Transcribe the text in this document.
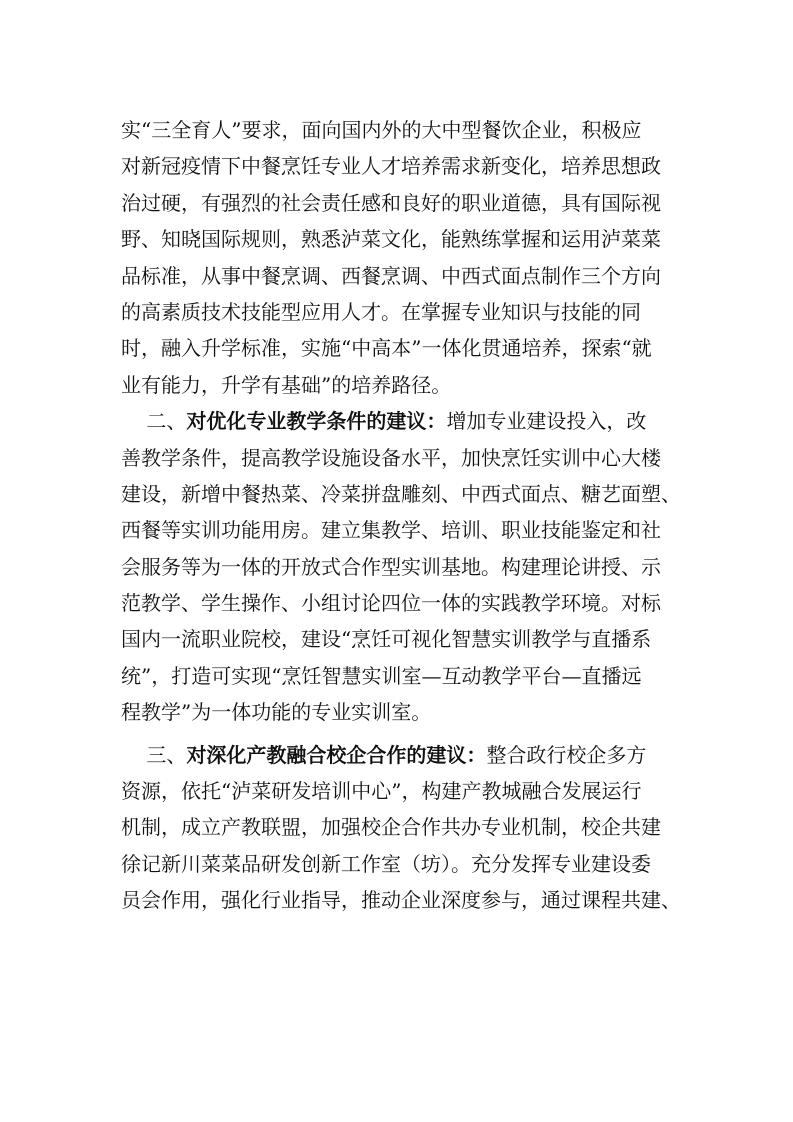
实“三全育人”要求，面向国内外的大中型餐饮企业，积极应
对新冠疫情下中餐烹饪专业人才培养需求新变化，培养思想政
治过硬，有强烈的社会责任感和良好的职业道德，具有国际视
野、知晓国际规则，熟悉泸菜文化，能熟练掌握和运用泸菜菜
品标准，从事中餐烹调、西餐烹调、中西式面点制作三个方向
的高素质技术技能型应用人才。在掌握专业知识与技能的同
时，融入升学标准，实施“中高本”一体化贯通培养，探索“就
业有能力，升学有基础”的培养路径。
二、对优化专业教学条件的建议：增加专业建设投入，改
善教学条件，提高教学设施设备水平，加快烹饪实训中心大楼
建设，新增中餐热菜、冷菜拼盘雕刻、中西式面点、糖艺面塑、
西餐等实训功能用房。建立集教学、培训、职业技能鉴定和社
会服务等为一体的开放式合作型实训基地。构建理论讲授、示
范教学、学生操作、小组讨论四位一体的实践教学环境。对标
国内一流职业院校，建设“烹饪可视化智慧实训教学与直播系
统”，打造可实现“烹饪智慧实训室—互动教学平台—直播远
程教学”为一体功能的专业实训室。
三、对深化产教融合校企合作的建议：整合政行校企多方
资源，依托“泸菜研发培训中心”，构建产教城融合发展运行
机制，成立产教联盟，加强校企合作共办专业机制，校企共建
徐记新川菜菜品研发创新工作室（坊）。充分发挥专业建设委
员会作用，强化行业指导，推动企业深度参与，通过课程共建、
